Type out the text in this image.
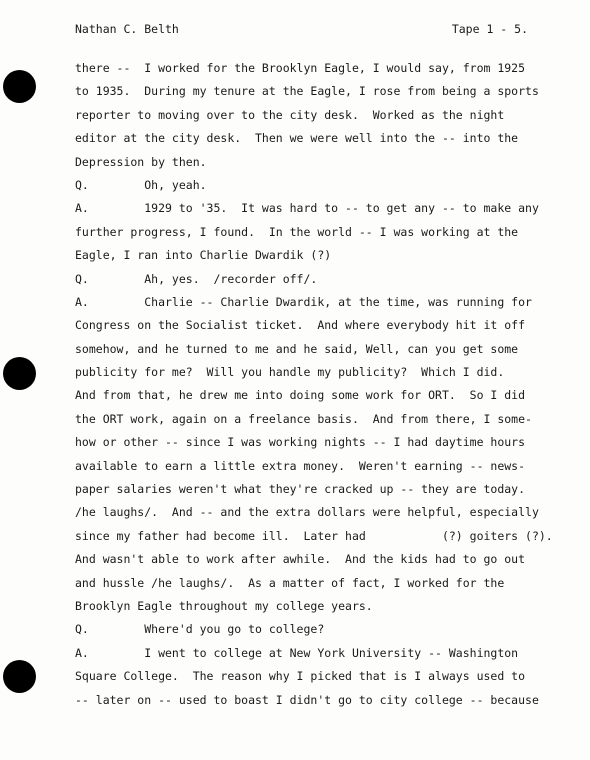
Nathan C. Belth	Tape 1 - 5.
there --  I worked for the Brooklyn Eagle, I would say, from 1925
to 1935.  During my tenure at the Eagle, I rose from being a sports
reporter to moving over to the city desk.  Worked as the night
editor at the city desk.  Then we were well into the -- into the
Depression by then.
Q.        Oh, yeah.
A.        1929 to '35.  It was hard to -- to get any -- to make any
further progress, I found.  In the world -- I was working at the
Eagle, I ran into Charlie Dwardik (?)
Q.        Ah, yes.  /recorder off/.
A.        Charlie -- Charlie Dwardik, at the time, was running for
Congress on the Socialist ticket.  And where everybody hit it off
somehow, and he turned to me and he said, Well, can you get some
publicity for me?  Will you handle my publicity?  Which I did.
And from that, he drew me into doing some work for ORT.  So I did
the ORT work, again on a freelance basis.  And from there, I some-
how or other -- since I was working nights -- I had daytime hours
available to earn a little extra money.  Weren't earning -- news-
paper salaries weren't what they're cracked up -- they are today.
/he laughs/.  And -- and the extra dollars were helpful, especially
since my father had become ill.  Later had           (?) goiters (?).
And wasn't able to work after awhile.  And the kids had to go out
and hussle /he laughs/.  As a matter of fact, I worked for the
Brooklyn Eagle throughout my college years.
Q.        Where'd you go to college?
A.        I went to college at New York University -- Washington
Square College.  The reason why I picked that is I always used to
-- later on -- used to boast I didn't go to city college -- because
